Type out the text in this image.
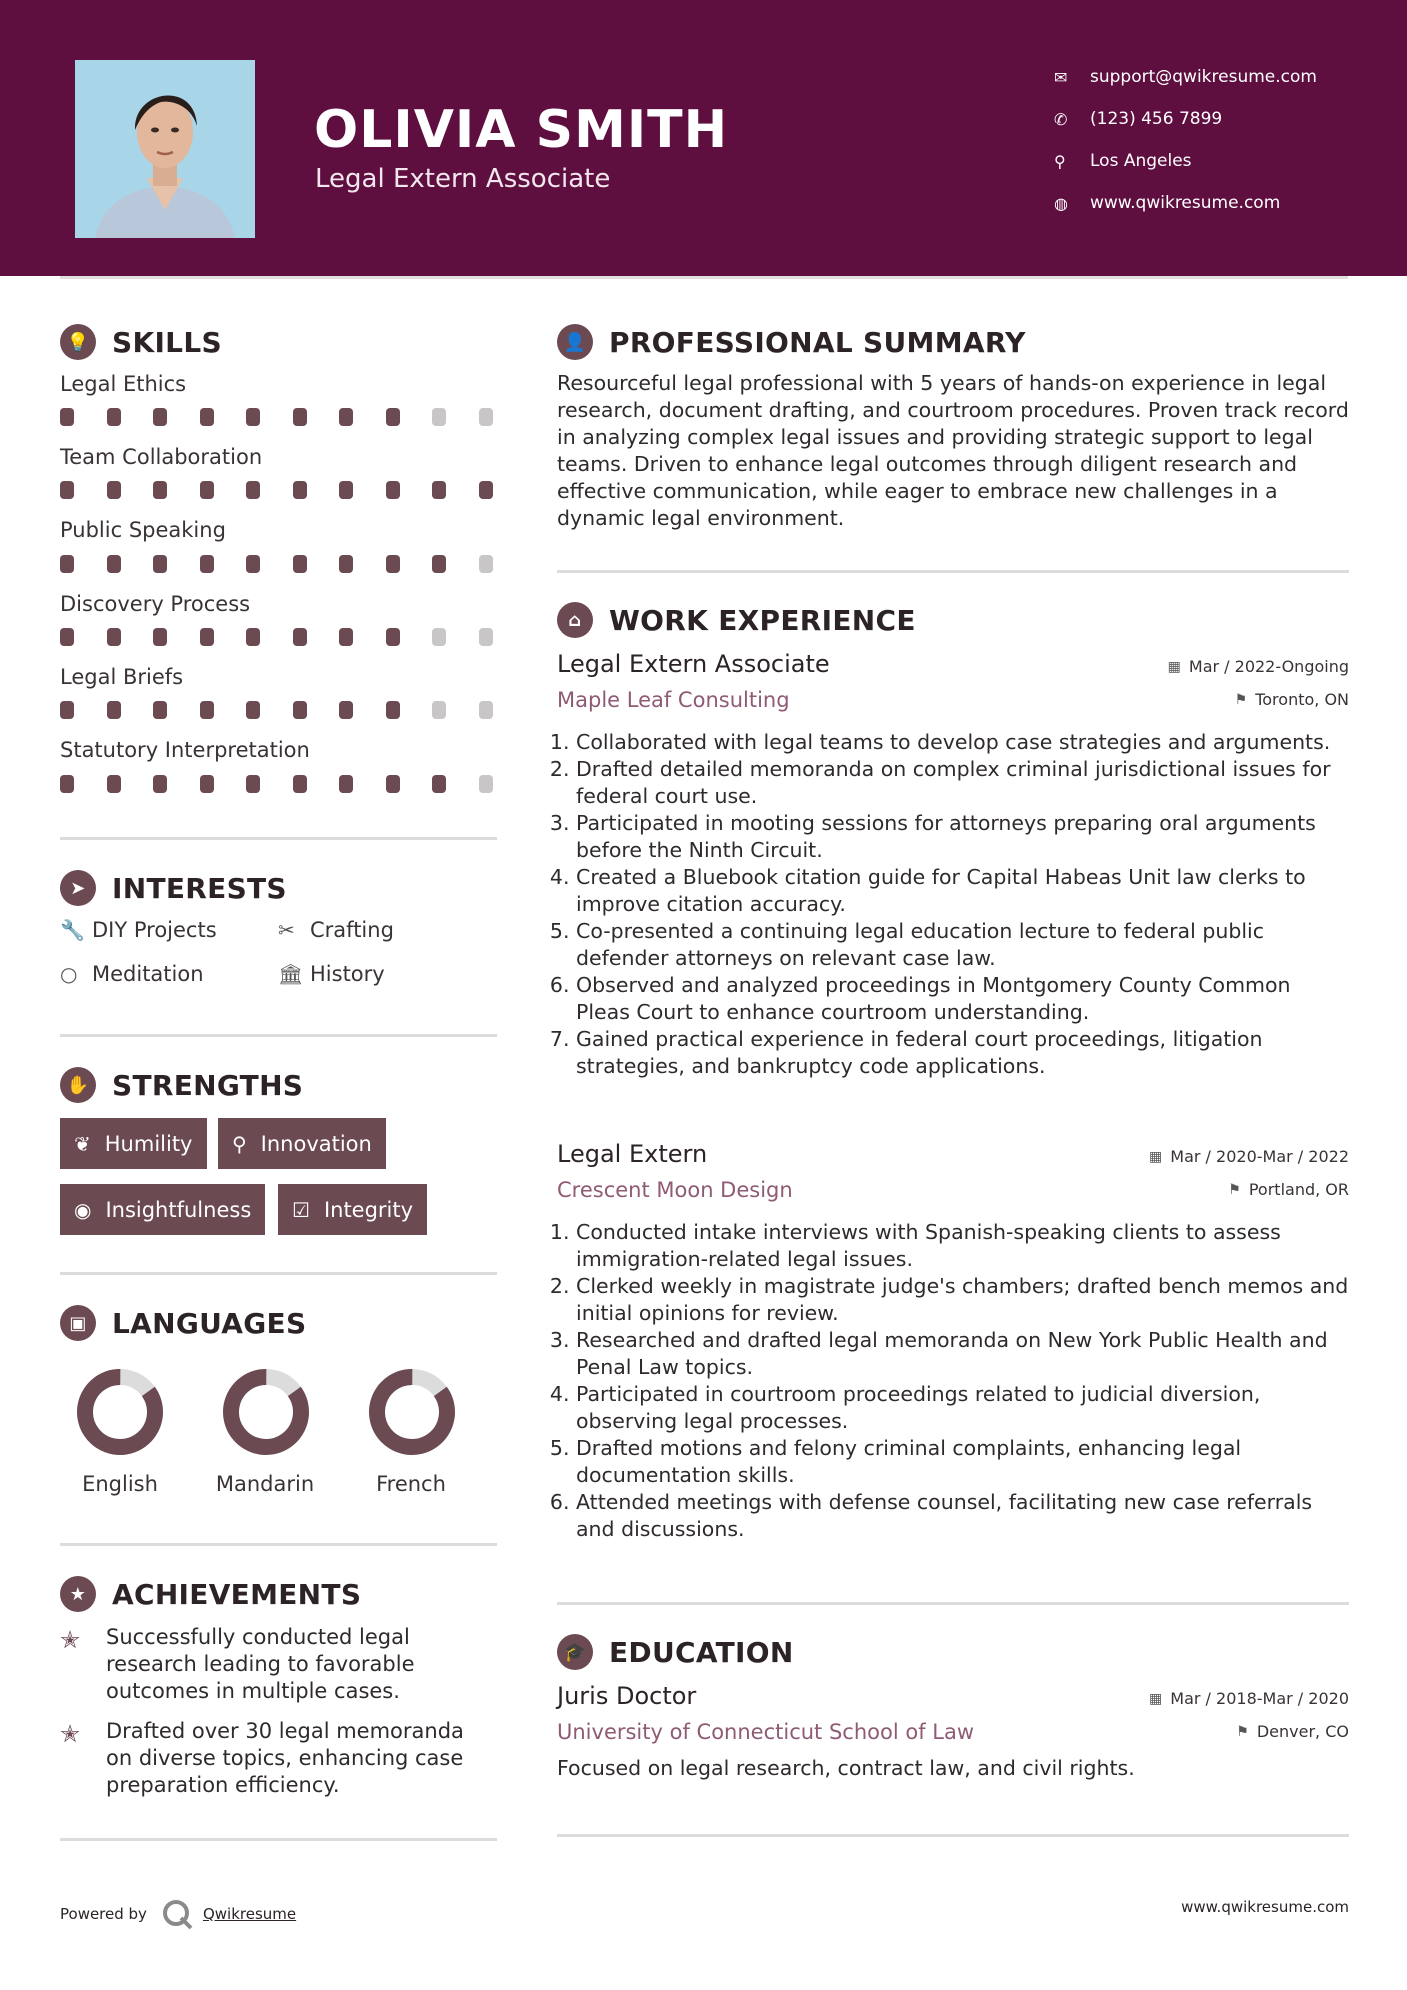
OLIVIA SMITH
Legal Extern Associate
✉	support@qwikresume.com
✆	(123) 456 7899
⚲	Los Angeles
◍	www.qwikresume.com
💡 SKILLS
Legal Ethics
Team Collaboration
Public Speaking
Discovery Process
Legal Briefs
Statutory Interpretation
➤ INTERESTS
🔧 DIY Projects	✂ Crafting
○ Meditation	🏛 History
✋ STRENGTHS
❦ Humility ⚲ Innovation
◉ Insightfulness ☑ Integrity
▣ LANGUAGES
English	Mandarin	French
★ ACHIEVEMENTS
✭	Successfully conducted legal research leading to favorable outcomes in multiple cases.
✭	Drafted over 30 legal memoranda on diverse topics, enhancing case preparation efficiency.
👤 PROFESSIONAL SUMMARY
Resourceful legal professional with 5 years of hands-on experience in legal research, document drafting, and courtroom procedures. Proven track record in analyzing complex legal issues and providing strategic support to legal teams. Driven to enhance legal outcomes through diligent research and effective communication, while eager to embrace new challenges in a dynamic legal environment.
⌂ WORK EXPERIENCE
Legal Extern Associate	▦ Mar / 2022-Ongoing
Maple Leaf Consulting	⚑ Toronto, ON
1. Collaborated with legal teams to develop case strategies and arguments.
2. Drafted detailed memoranda on complex criminal jurisdictional issues for federal court use.
3. Participated in mooting sessions for attorneys preparing oral arguments before the Ninth Circuit.
4. Created a Bluebook citation guide for Capital Habeas Unit law clerks to improve citation accuracy.
5. Co-presented a continuing legal education lecture to federal public defender attorneys on relevant case law.
6. Observed and analyzed proceedings in Montgomery County Common Pleas Court to enhance courtroom understanding.
7. Gained practical experience in federal court proceedings, litigation strategies, and bankruptcy code applications.
Legal Extern	▦ Mar / 2020-Mar / 2022
Crescent Moon Design	⚑ Portland, OR
1. Conducted intake interviews with Spanish-speaking clients to assess immigration-related legal issues.
2. Clerked weekly in magistrate judge's chambers; drafted bench memos and initial opinions for review.
3. Researched and drafted legal memoranda on New York Public Health and Penal Law topics.
4. Participated in courtroom proceedings related to judicial diversion, observing legal processes.
5. Drafted motions and felony criminal complaints, enhancing legal documentation skills.
6. Attended meetings with defense counsel, facilitating new case referrals and discussions.
🎓 EDUCATION
Juris Doctor	▦ Mar / 2018-Mar / 2020
University of Connecticut School of Law	⚑ Denver, CO
Focused on legal research, contract law, and civil rights.
Powered by	Qwikresume	www.qwikresume.com
